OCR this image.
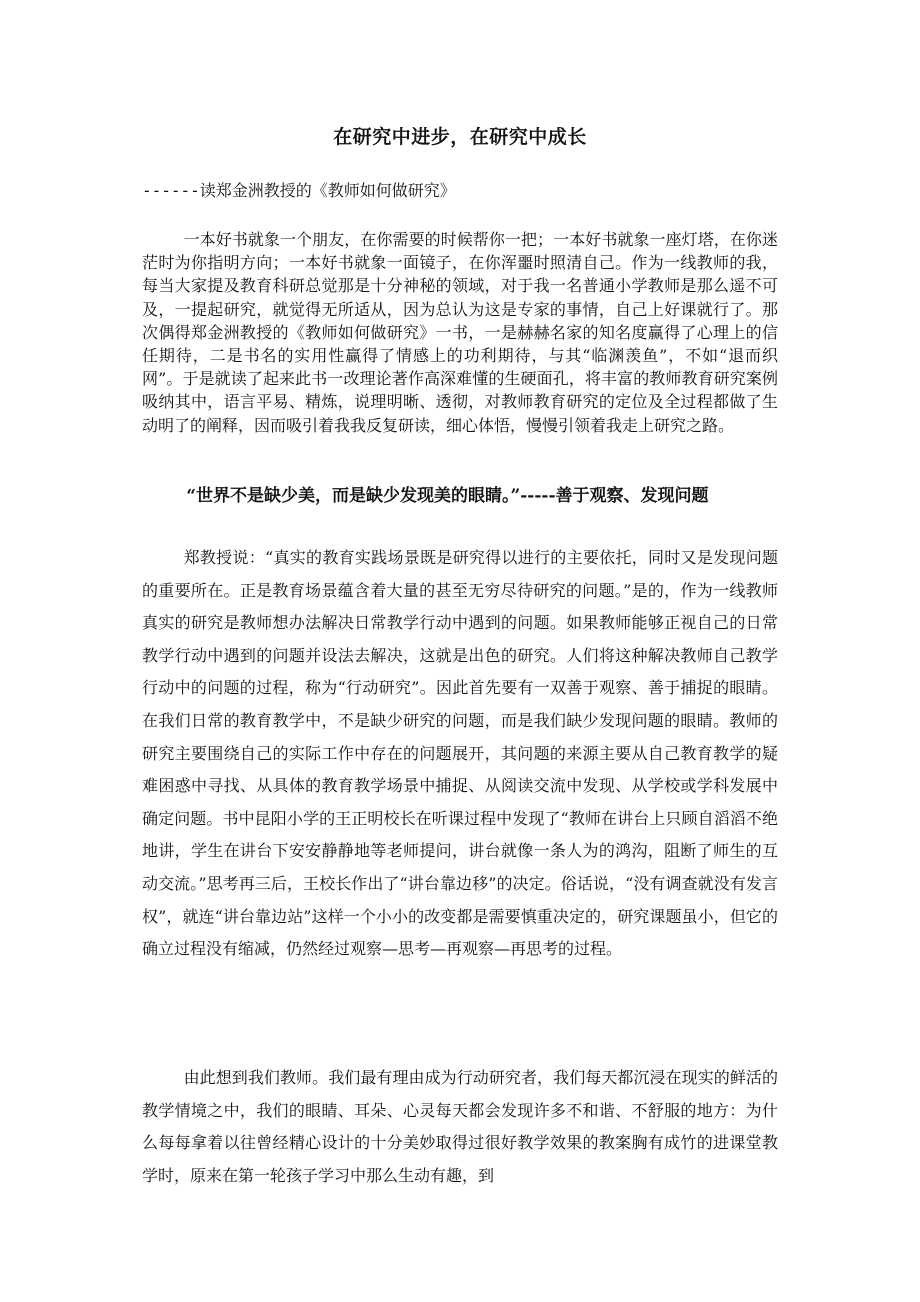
在研究中进步，在研究中成长

------读郑金洲教授的《教师如何做研究》

一本好书就象一个朋友，在你需要的时候帮你一把；一本好书就象一座灯塔，在你迷茫时为你指明方向；一本好书就象一面镜子，在你浑噩时照清自己。作为一线教师的我，每当大家提及教育科研总觉那是十分神秘的领域，对于我一名普通小学教师是那么遥不可及，一提起研究，就觉得无所适从，因为总认为这是专家的事情，自己上好课就行了。那次偶得郑金洲教授的《教师如何做研究》一书，一是赫赫名家的知名度赢得了心理上的信任期待，二是书名的实用性赢得了情感上的功利期待，与其“临渊羡鱼”，不如“退而织网”。于是就读了起来此书一改理论著作高深难懂的生硬面孔，将丰富的教师教育研究案例吸纳其中，语言平易、精炼，说理明晰、透彻，对教师教育研究的定位及全过程都做了生动明了的阐释，因而吸引着我我反复研读，细心体悟，慢慢引领着我走上研究之路。

“世界不是缺少美，而是缺少发现美的眼睛。”-----善于观察、发现问题

郑教授说：“真实的教育实践场景既是研究得以进行的主要依托，同时又是发现问题的重要所在。正是教育场景蕴含着大量的甚至无穷尽待研究的问题。”是的，作为一线教师真实的研究是教师想办法解决日常教学行动中遇到的问题。如果教师能够正视自己的日常教学行动中遇到的问题并设法去解决，这就是出色的研究。人们将这种解决教师自己教学行动中的问题的过程，称为“行动研究”。因此首先要有一双善于观察、善于捕捉的眼睛。在我们日常的教育教学中，不是缺少研究的问题，而是我们缺少发现问题的眼睛。教师的研究主要围绕自己的实际工作中存在的问题展开，其问题的来源主要从自己教育教学的疑难困惑中寻找、从具体的教育教学场景中捕捉、从阅读交流中发现、从学校或学科发展中确定问题。书中昆阳小学的王正明校长在听课过程中发现了“教师在讲台上只顾自滔滔不绝地讲，学生在讲台下安安静静地等老师提问，讲台就像一条人为的鸿沟，阻断了师生的互动交流。”思考再三后，王校长作出了“讲台靠边移”的决定。俗话说，“没有调查就没有发言权”，就连“讲台靠边站”这样一个小小的改变都是需要慎重决定的，研究课题虽小，但它的确立过程没有缩减，仍然经过观察—思考—再观察—再思考的过程。

由此想到我们教师。我们最有理由成为行动研究者，我们每天都沉浸在现实的鲜活的教学情境之中，我们的眼睛、耳朵、心灵每天都会发现许多不和谐、不舒服的地方：为什么每每拿着以往曾经精心设计的十分美妙取得过很好教学效果的教案胸有成竹的进课堂教学时，原来在第一轮孩子学习中那么生动有趣，到
